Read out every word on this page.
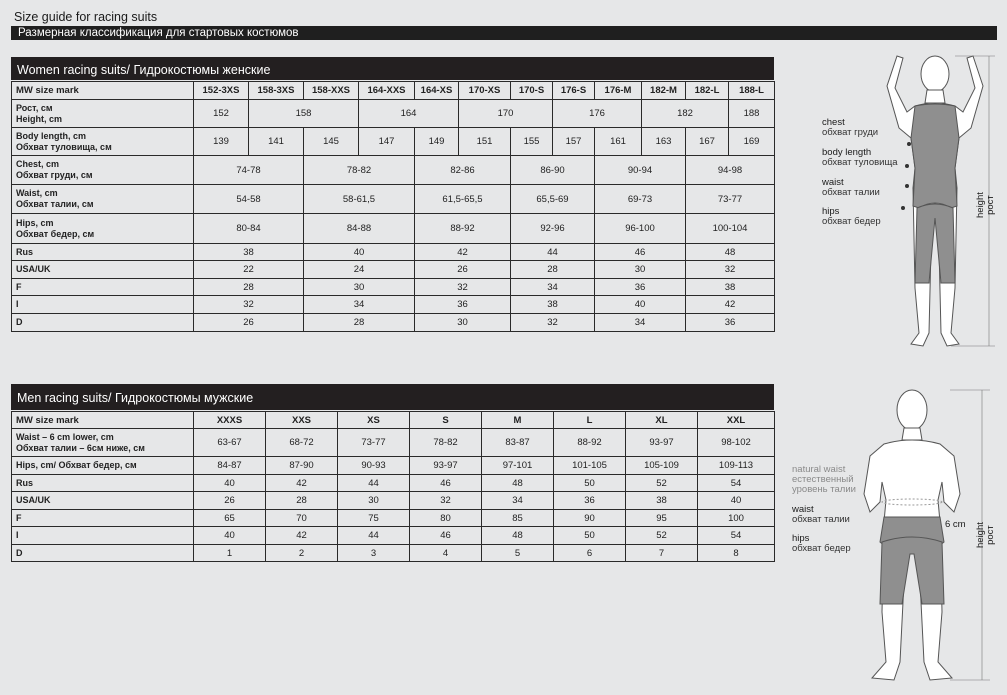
Size guide for racing suits
Размерная классификация для стартовых костюмов
Women racing suits/ Гидрокостюмы женские
MW size mark	152-3XS	158-3XS	158-XXS	164-XXS	164-XS	170-XS	170-S	176-S	176-M	182-M	182-L	188-L

Рост, см
Height, cm	152	158		164		170		176		182		188

Body length, cm
Обхват туловища, см	139	141	145	147	149	151	155	157	161	163	167	169

Chest, cm
Обхват груди, см	74-78		78-82		82-86		86-90		90-94		94-98	

Waist, cm
Обхват талии, см	54-58		58-61,5		61,5-65,5		65,5-69		69-73		73-77	

Hips, cm
Обхват бедер, см	80-84		84-88		88-92		92-96		96-100		100-104	

Rus	38		40		42		44		46		48	

USA/UK	22		24		26		28		30		32	

F	28		30		32		34		36		38	

I	32		34		36		38		40		42	

D	26		28		30		32		34		36	
Men racing suits/ Гидрокостюмы мужские
MW size mark	XXXS	XXS	XS	S	M	L	XL	XXL

Waist – 6 cm lower, cm
Обхват талии – 6см ниже, см	63-67	68-72	73-77	78-82	83-87	88-92	93-97	98-102

Hips, cm/ Обхват бедер, см	84-87	87-90	90-93	93-97	97-101	101-105	105-109	109-113

Rus	40	42	44	46	48	50	52	54

USA/UK	26	28	30	32	34	36	38	40

F	65	70	75	80	85	90	95	100

I	40	42	44	46	48	50	52	54

D	1	2	3	4	5	6	7	8
chest
обхват груди
body length
обхват туловища
waist
обхват талии
hips
обхват бедер
height рост
natural waist
естественный
уровень талии
waist
обхват талии
hips
обхват бедер
6 cm height рост
